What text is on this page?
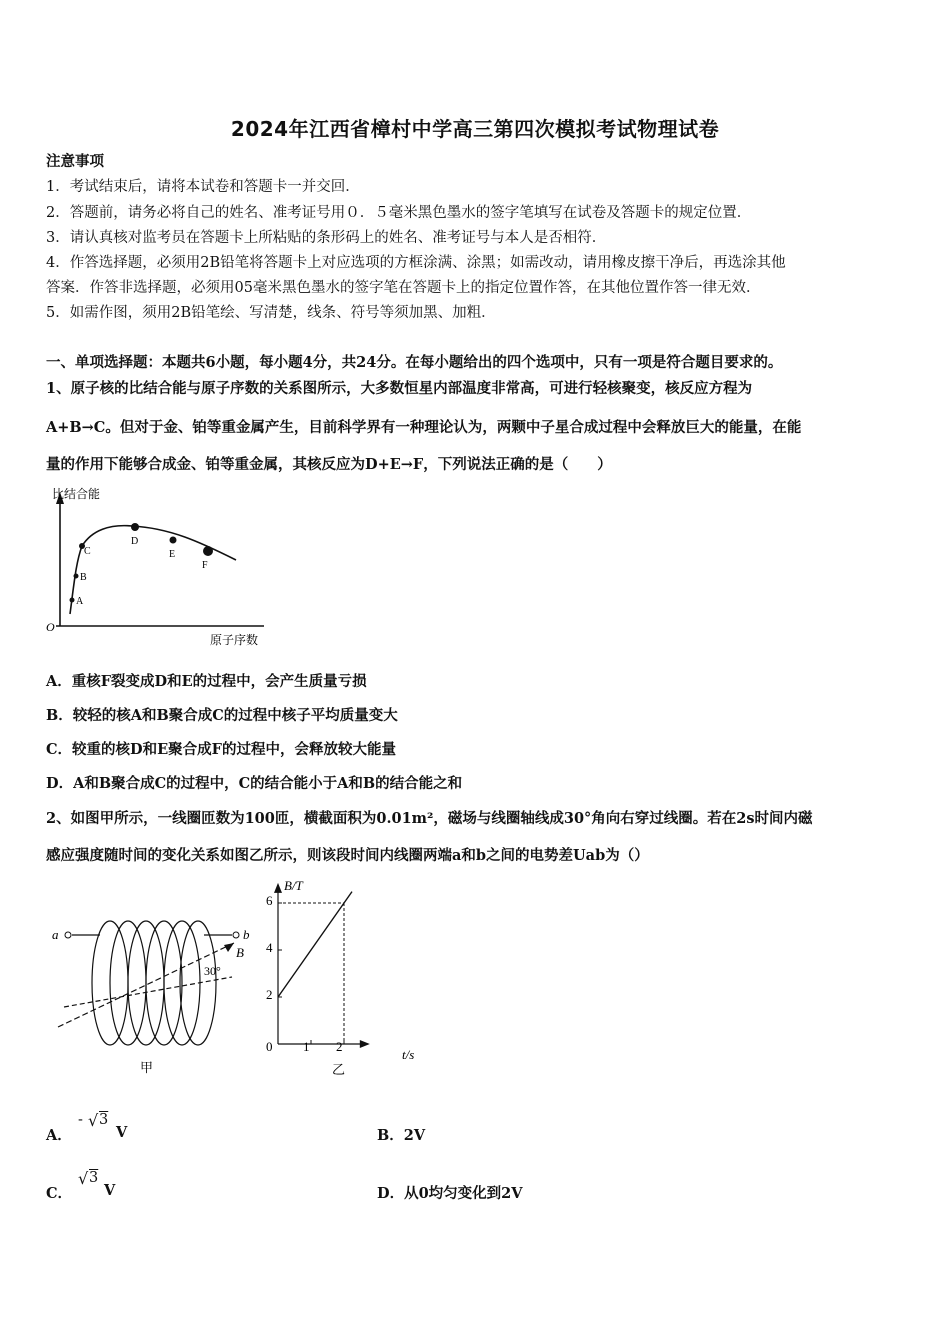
2024年江西省樟村中学高三第四次模拟考试物理试卷
注意事项
1．考试结束后，请将本试卷和答题卡一并交回．
2．答题前，请务必将自己的姓名、准考证号用０．５毫米黑色墨水的签字笔填写在试卷及答题卡的规定位置．
3．请认真核对监考员在答题卡上所粘贴的条形码上的姓名、准考证号与本人是否相符．
4．作答选择题，必须用2B铅笔将答题卡上对应选项的方框涂满、涂黑；如需改动，请用橡皮擦干净后，再选涂其他
答案．作答非选择题，必须用05毫米黑色墨水的签字笔在答题卡上的指定位置作答，在其他位置作答一律无效．
5．如需作图，须用2B铅笔绘、写清楚，线条、符号等须加黑、加粗．
一、单项选择题：本题共6小题，每小题4分，共24分。在每小题给出的四个选项中，只有一项是符合题目要求的。
1、原子核的比结合能与原子序数的关系图所示，大多数恒星内部温度非常高，可进行轻核聚变，核反应方程为
A+B→C。但对于金、铂等重金属产生，目前科学界有一种理论认为，两颗中子星合成过程中会释放巨大的能量，在能
量的作用下能够合成金、铂等重金属，其核反应为D+E→F，下列说法正确的是（　　）
比结合能
原子序数
O
A
B
C
D
E
F
A．重核F裂变成D和E的过程中，会产生质量亏损
B．较轻的核A和B聚合成C的过程中核子平均质量变大
C．较重的核D和E聚合成F的过程中，会释放较大能量
D．A和B聚合成C的过程中，C的结合能小于A和B的结合能之和
2、如图甲所示，一线圈匝数为100匝，横截面积为0.01m²，磁场与线圈轴线成30°角向右穿过线圈。若在2s时间内磁
感应强度随时间的变化关系如图乙所示，则该段时间内线圈两端a和b之间的电势差Uab为（）
a	b
B
30°
甲
B/T
t/s
0 1 2
2
4
6
乙
A．
- √ 3
V	B．2V
C．
√ 3
V	D．从0均匀变化到2V
